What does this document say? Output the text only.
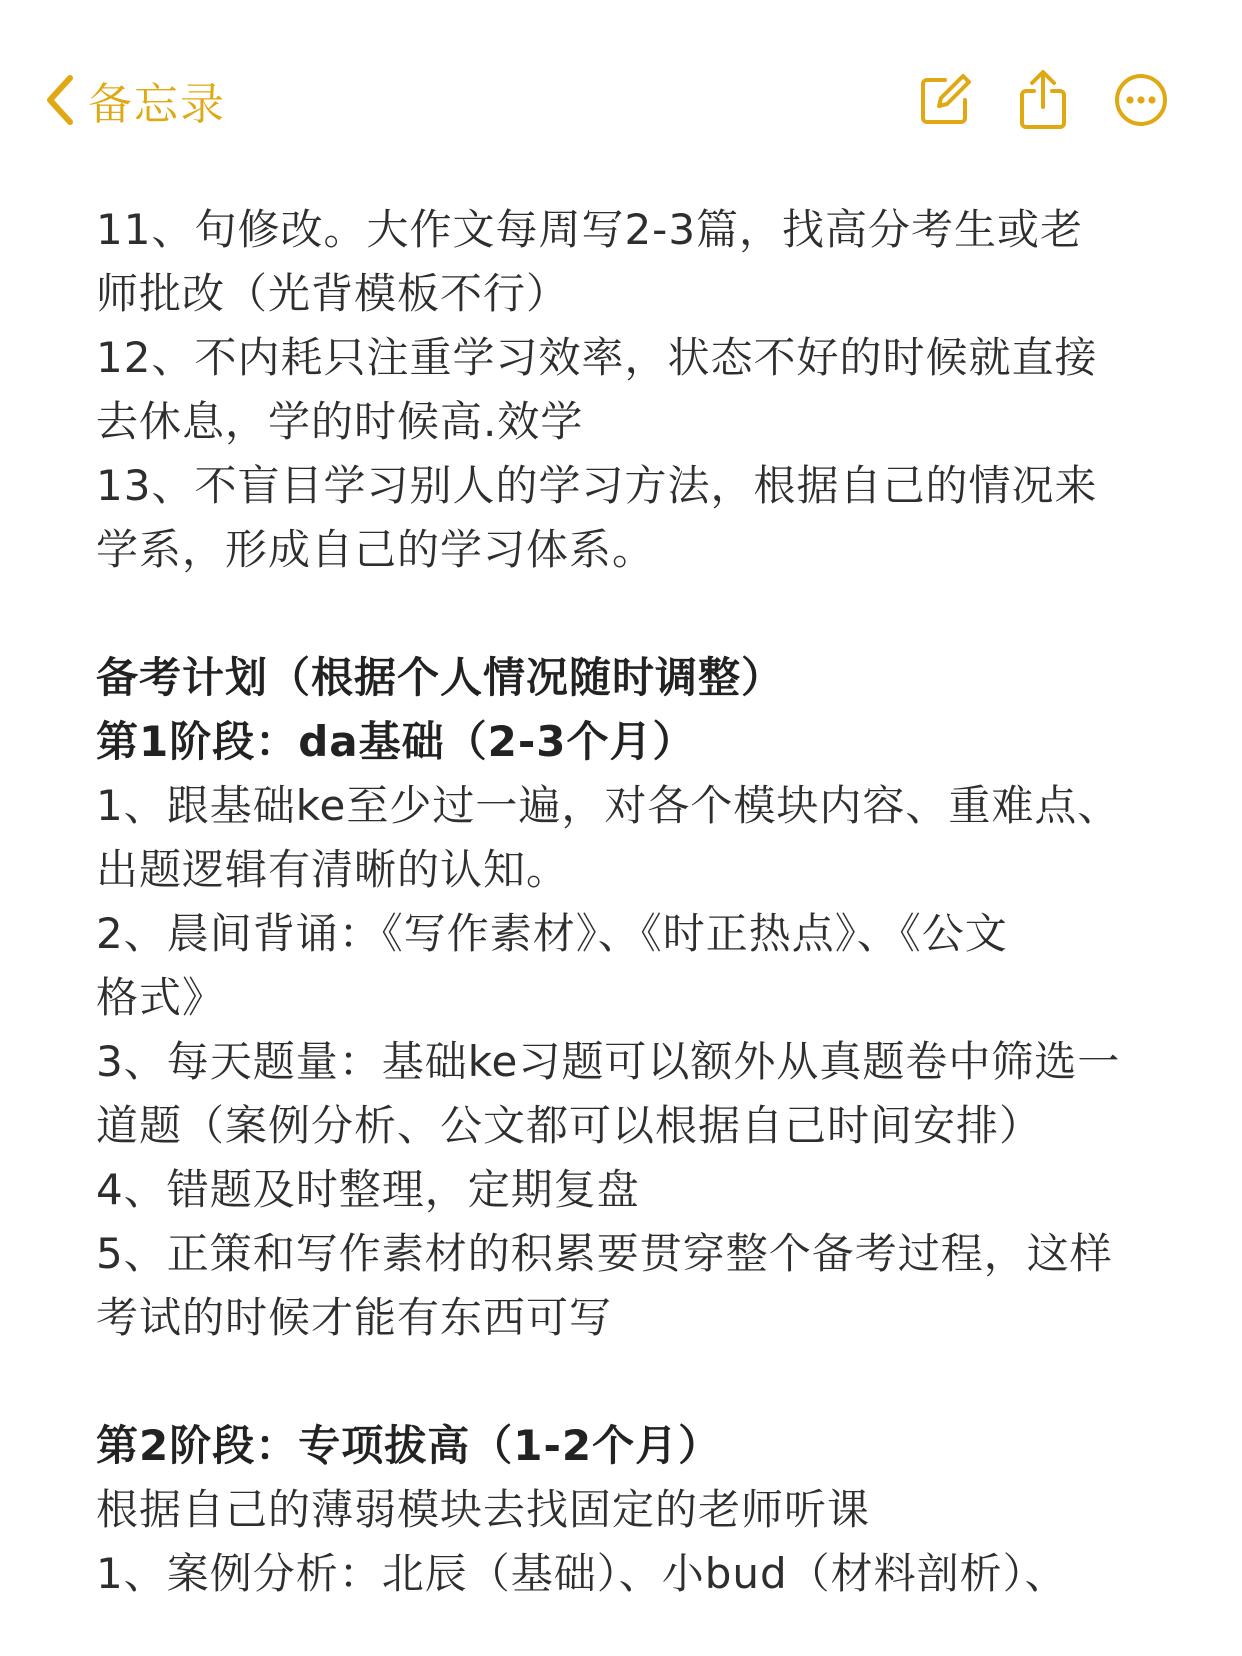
备忘录
11、句修改。大作文每周写2-3篇，找高分考生或老
师批改（光背模板不行）
12、不内耗只注重学习效率，状态不好的时候就直接
去休息，学的时候高.效学
13、不盲目学习别人的学习方法，根据自己的情况来
学系，形成自己的学习体系。
备考计划（根据个人情况随时调整）
第1阶段：da基础（2-3个月）
1、跟基础ke至少过一遍，对各个模块内容、重难点、
出题逻辑有清晰的认知。
2、晨间背诵：《写作素材》、《时正热点》、《公文
格式》
3、每天题量：基础ke习题可以额外从真题卷中筛选一
道题（案例分析、公文都可以根据自己时间安排）
4、错题及时整理，定期复盘
5、正策和写作素材的积累要贯穿整个备考过程，这样
考试的时候才能有东西可写
第2阶段：专项拔高（1-2个月）
根据自己的薄弱模块去找固定的老师听课
1、案例分析：北辰（基础）、小bud（材料剖析）、
